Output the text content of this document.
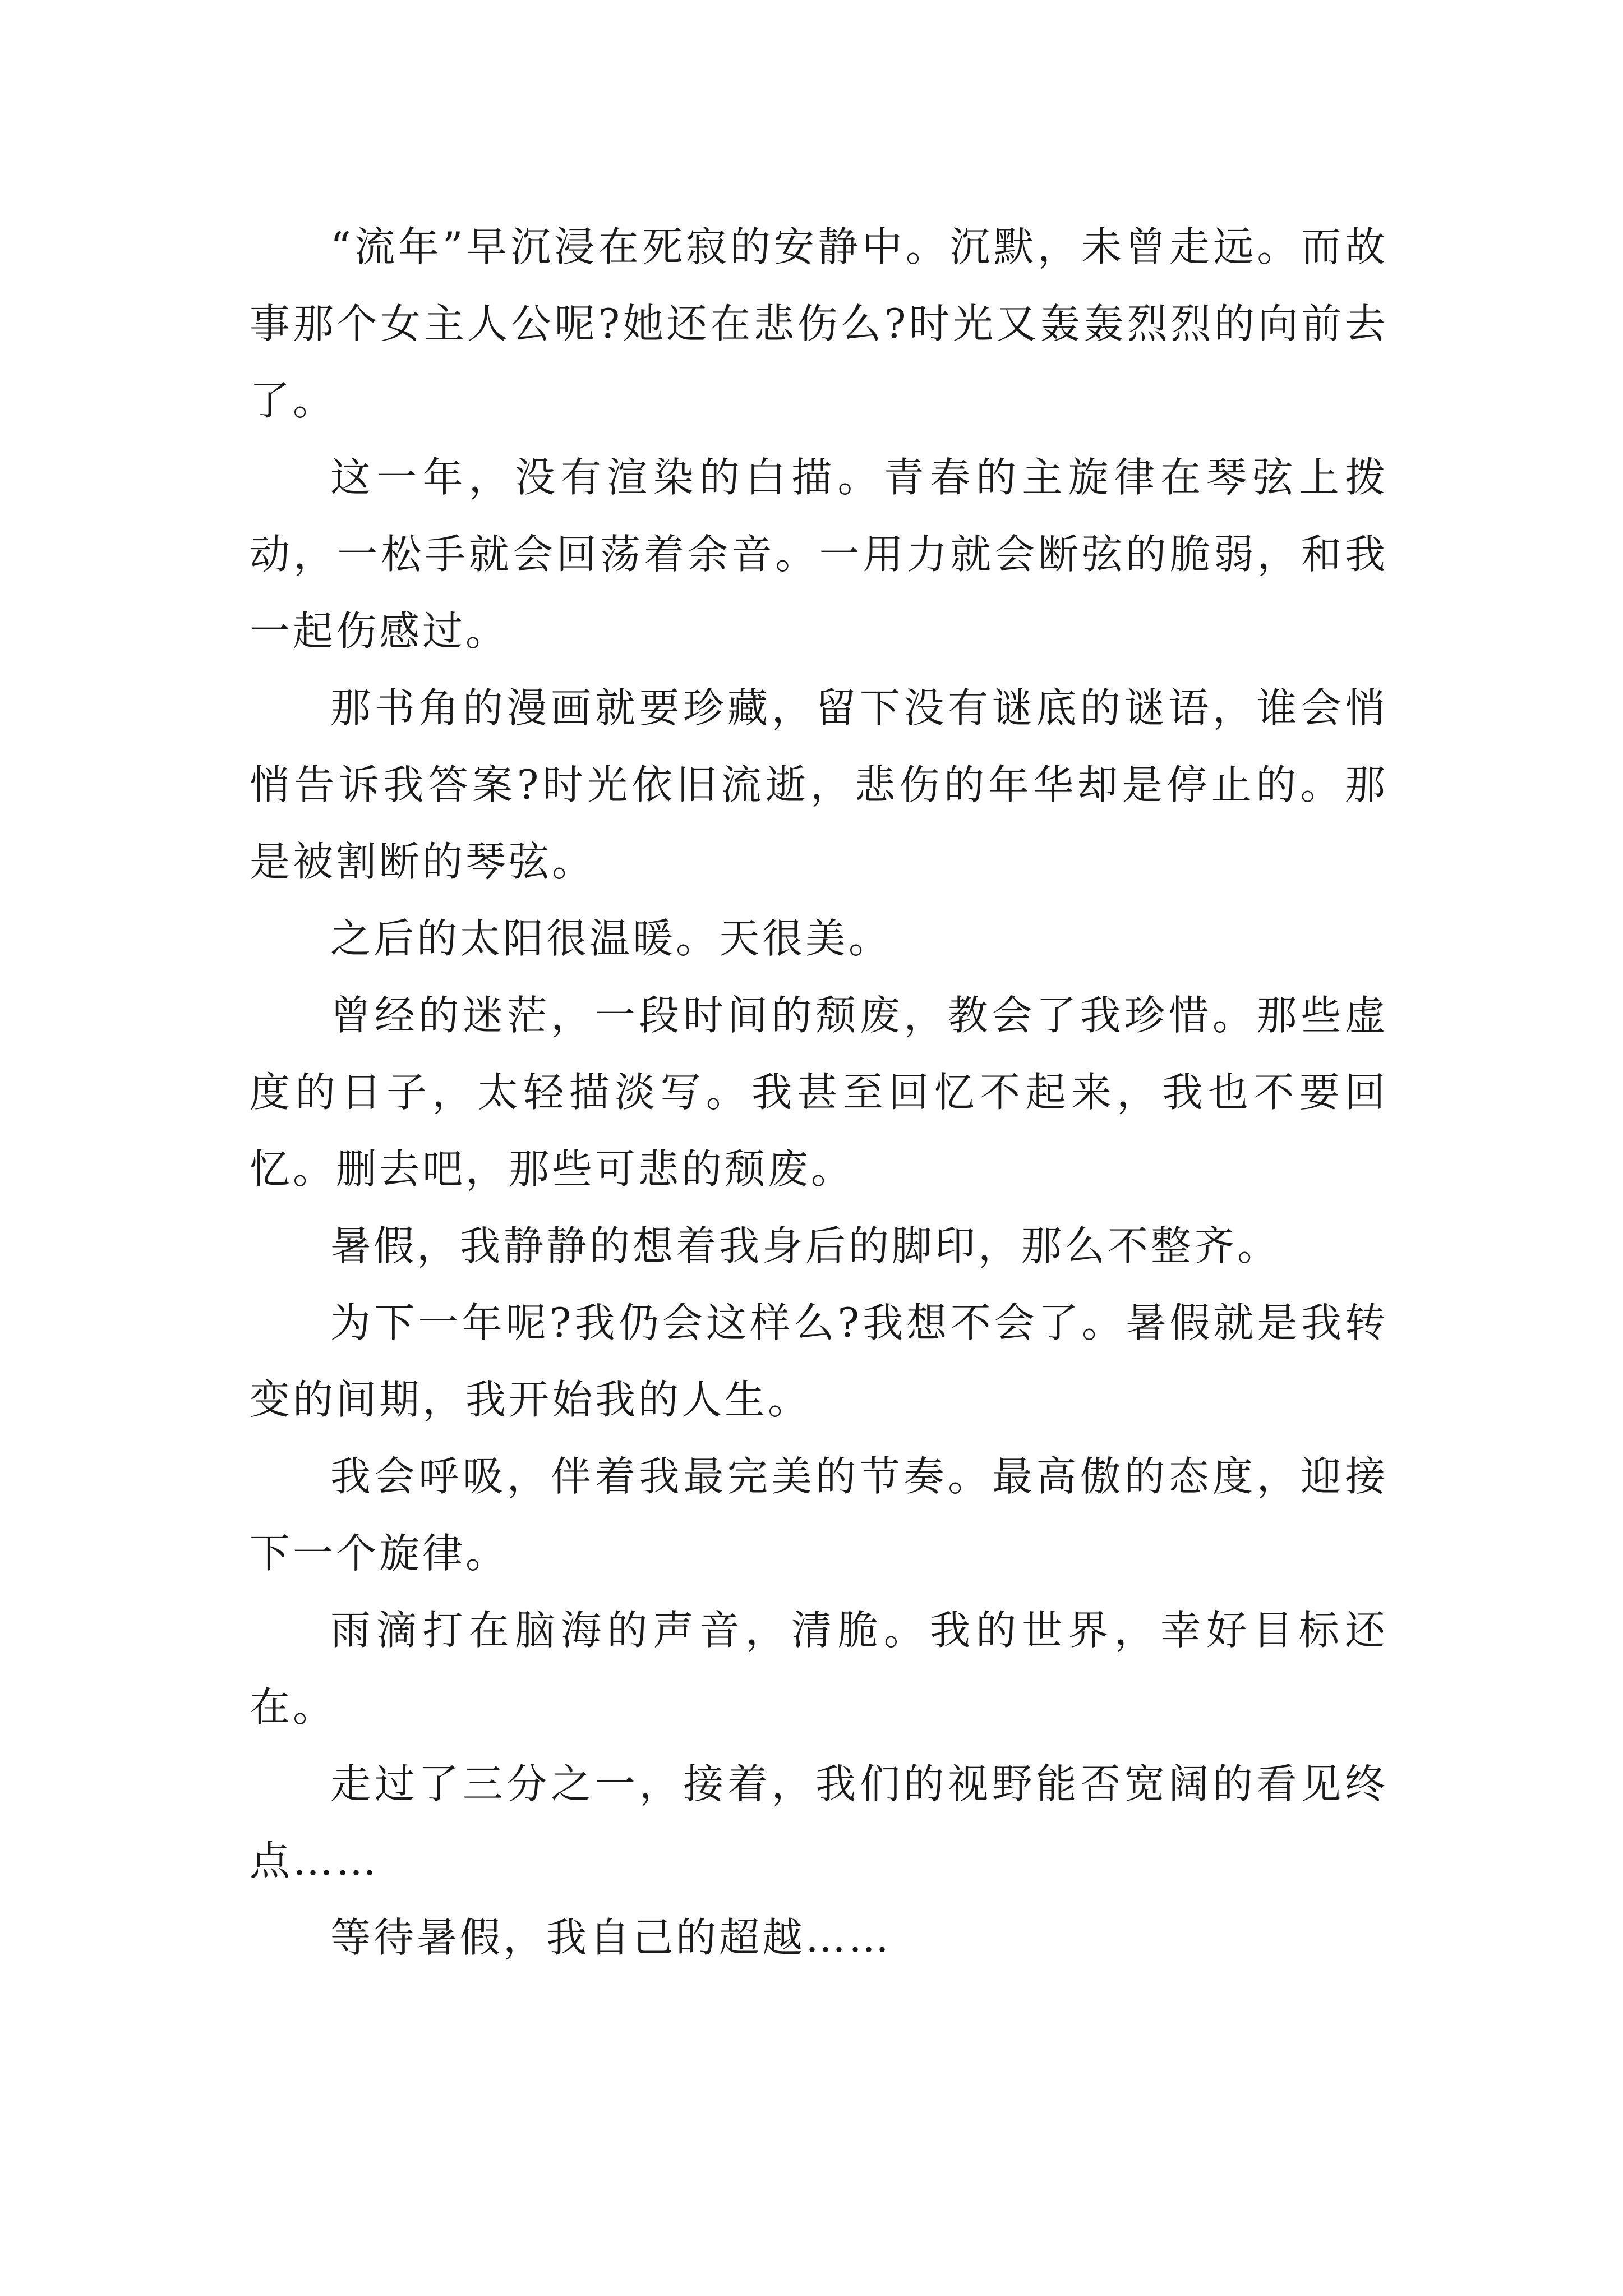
“流年”早沉浸在死寂的安静中。沉默，未曾走远。而故事那个女主人公呢?她还在悲伤么?时光又轰轰烈烈的向前去了。

这一年，没有渲染的白描。青春的主旋律在琴弦上拨动，一松手就会回荡着余音。一用力就会断弦的脆弱，和我一起伤感过。

那书角的漫画就要珍藏，留下没有谜底的谜语，谁会悄悄告诉我答案?时光依旧流逝，悲伤的年华却是停止的。那是被割断的琴弦。

之后的太阳很温暖。天很美。

曾经的迷茫，一段时间的颓废，教会了我珍惜。那些虚度的日子，太轻描淡写。我甚至回忆不起来，我也不要回忆。删去吧，那些可悲的颓废。

暑假，我静静的想着我身后的脚印，那么不整齐。

为下一年呢?我仍会这样么?我想不会了。暑假就是我转变的间期，我开始我的人生。

我会呼吸，伴着我最完美的节奏。最高傲的态度，迎接下一个旋律。

雨滴打在脑海的声音，清脆。我的世界，幸好目标还在。

走过了三分之一，接着，我们的视野能否宽阔的看见终点……

等待暑假，我自己的超越……
